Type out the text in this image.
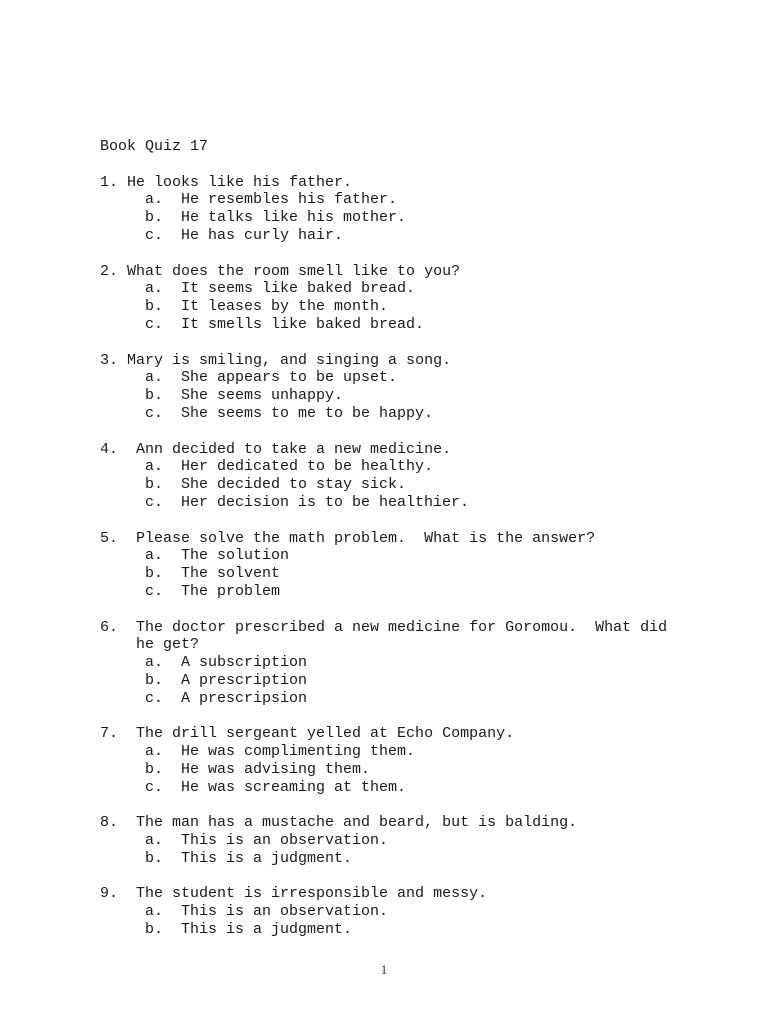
Book Quiz 17
1. He looks like his father.
a.	He resembles his father.
b.	He talks like his mother.
c.	He has curly hair.
2. What does the room smell like to you?
a.	It seems like baked bread.
b.	It leases by the month.
c.	It smells like baked bread.
3. Mary is smiling, and singing a song.
a.	She appears to be upset.
b.	She seems unhappy.
c.	She seems to me to be happy.
4. Ann decided to take a new medicine.
a.	Her dedicated to be healthy.
b.	She decided to stay sick.
c.	Her decision is to be healthier.
5. Please solve the math problem.  What is the answer?
a.	The solution
b.	The solvent
c.	The problem
6. The doctor prescribed a new medicine for Goromou.  What did
he get?
a.	A subscription
b.	A prescription
c.	A prescripsion
7. The drill sergeant yelled at Echo Company.
a.	He was complimenting them.
b.	He was advising them.
c.	He was screaming at them.
8. The man has a mustache and beard, but is balding.
a.	This is an observation.
b.	This is a judgment.
9. The student is irresponsible and messy.
a.	This is an observation.
b.	This is a judgment.
1
